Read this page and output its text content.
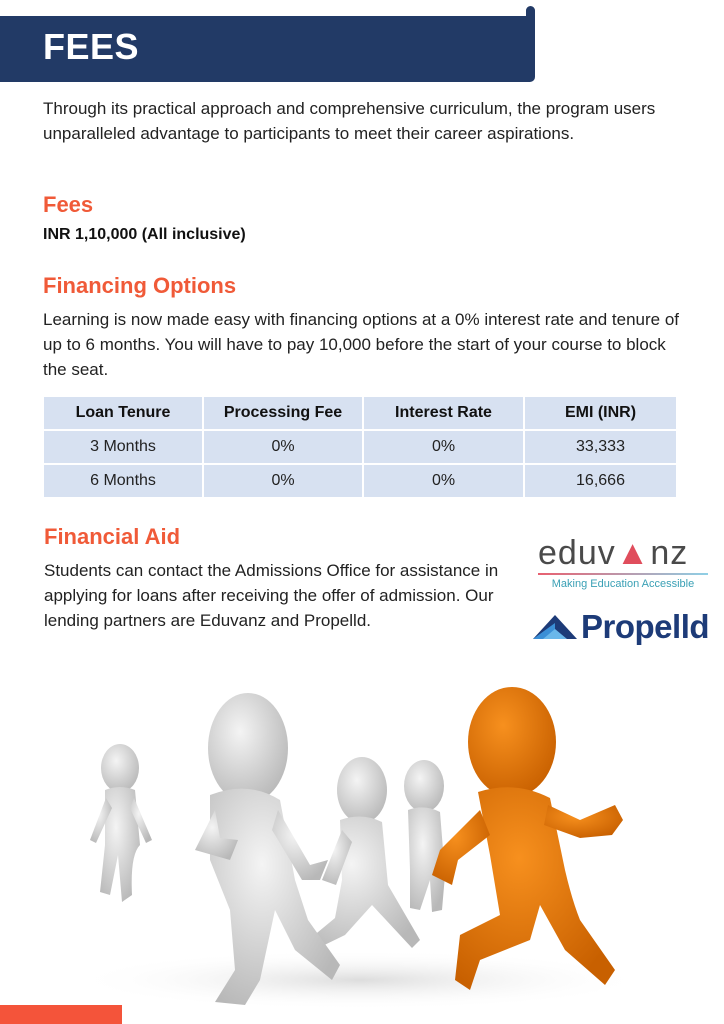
FEES
Through its practical approach and comprehensive curriculum, the program users unparalleled advantage to participants to meet their career aspirations.
Fees
INR 1,10,000 (All inclusive)
Financing Options
Learning is now made easy with financing options at a 0% interest rate and tenure of up to 6 months. You will have to pay 10,000 before the start of your course to block the seat.
Loan Tenure	Processing Fee	Interest Rate	EMI (INR)
3 Months	0%	0%	33,333
6 Months	0%	0%	16,666
Financial Aid
Students can contact the Admissions Office for assistance in applying for loans after receiving the offer of admission. Our lending partners are Eduvanz and Propelld.
eduv▲nz
Making Education Accessible
Propelld
